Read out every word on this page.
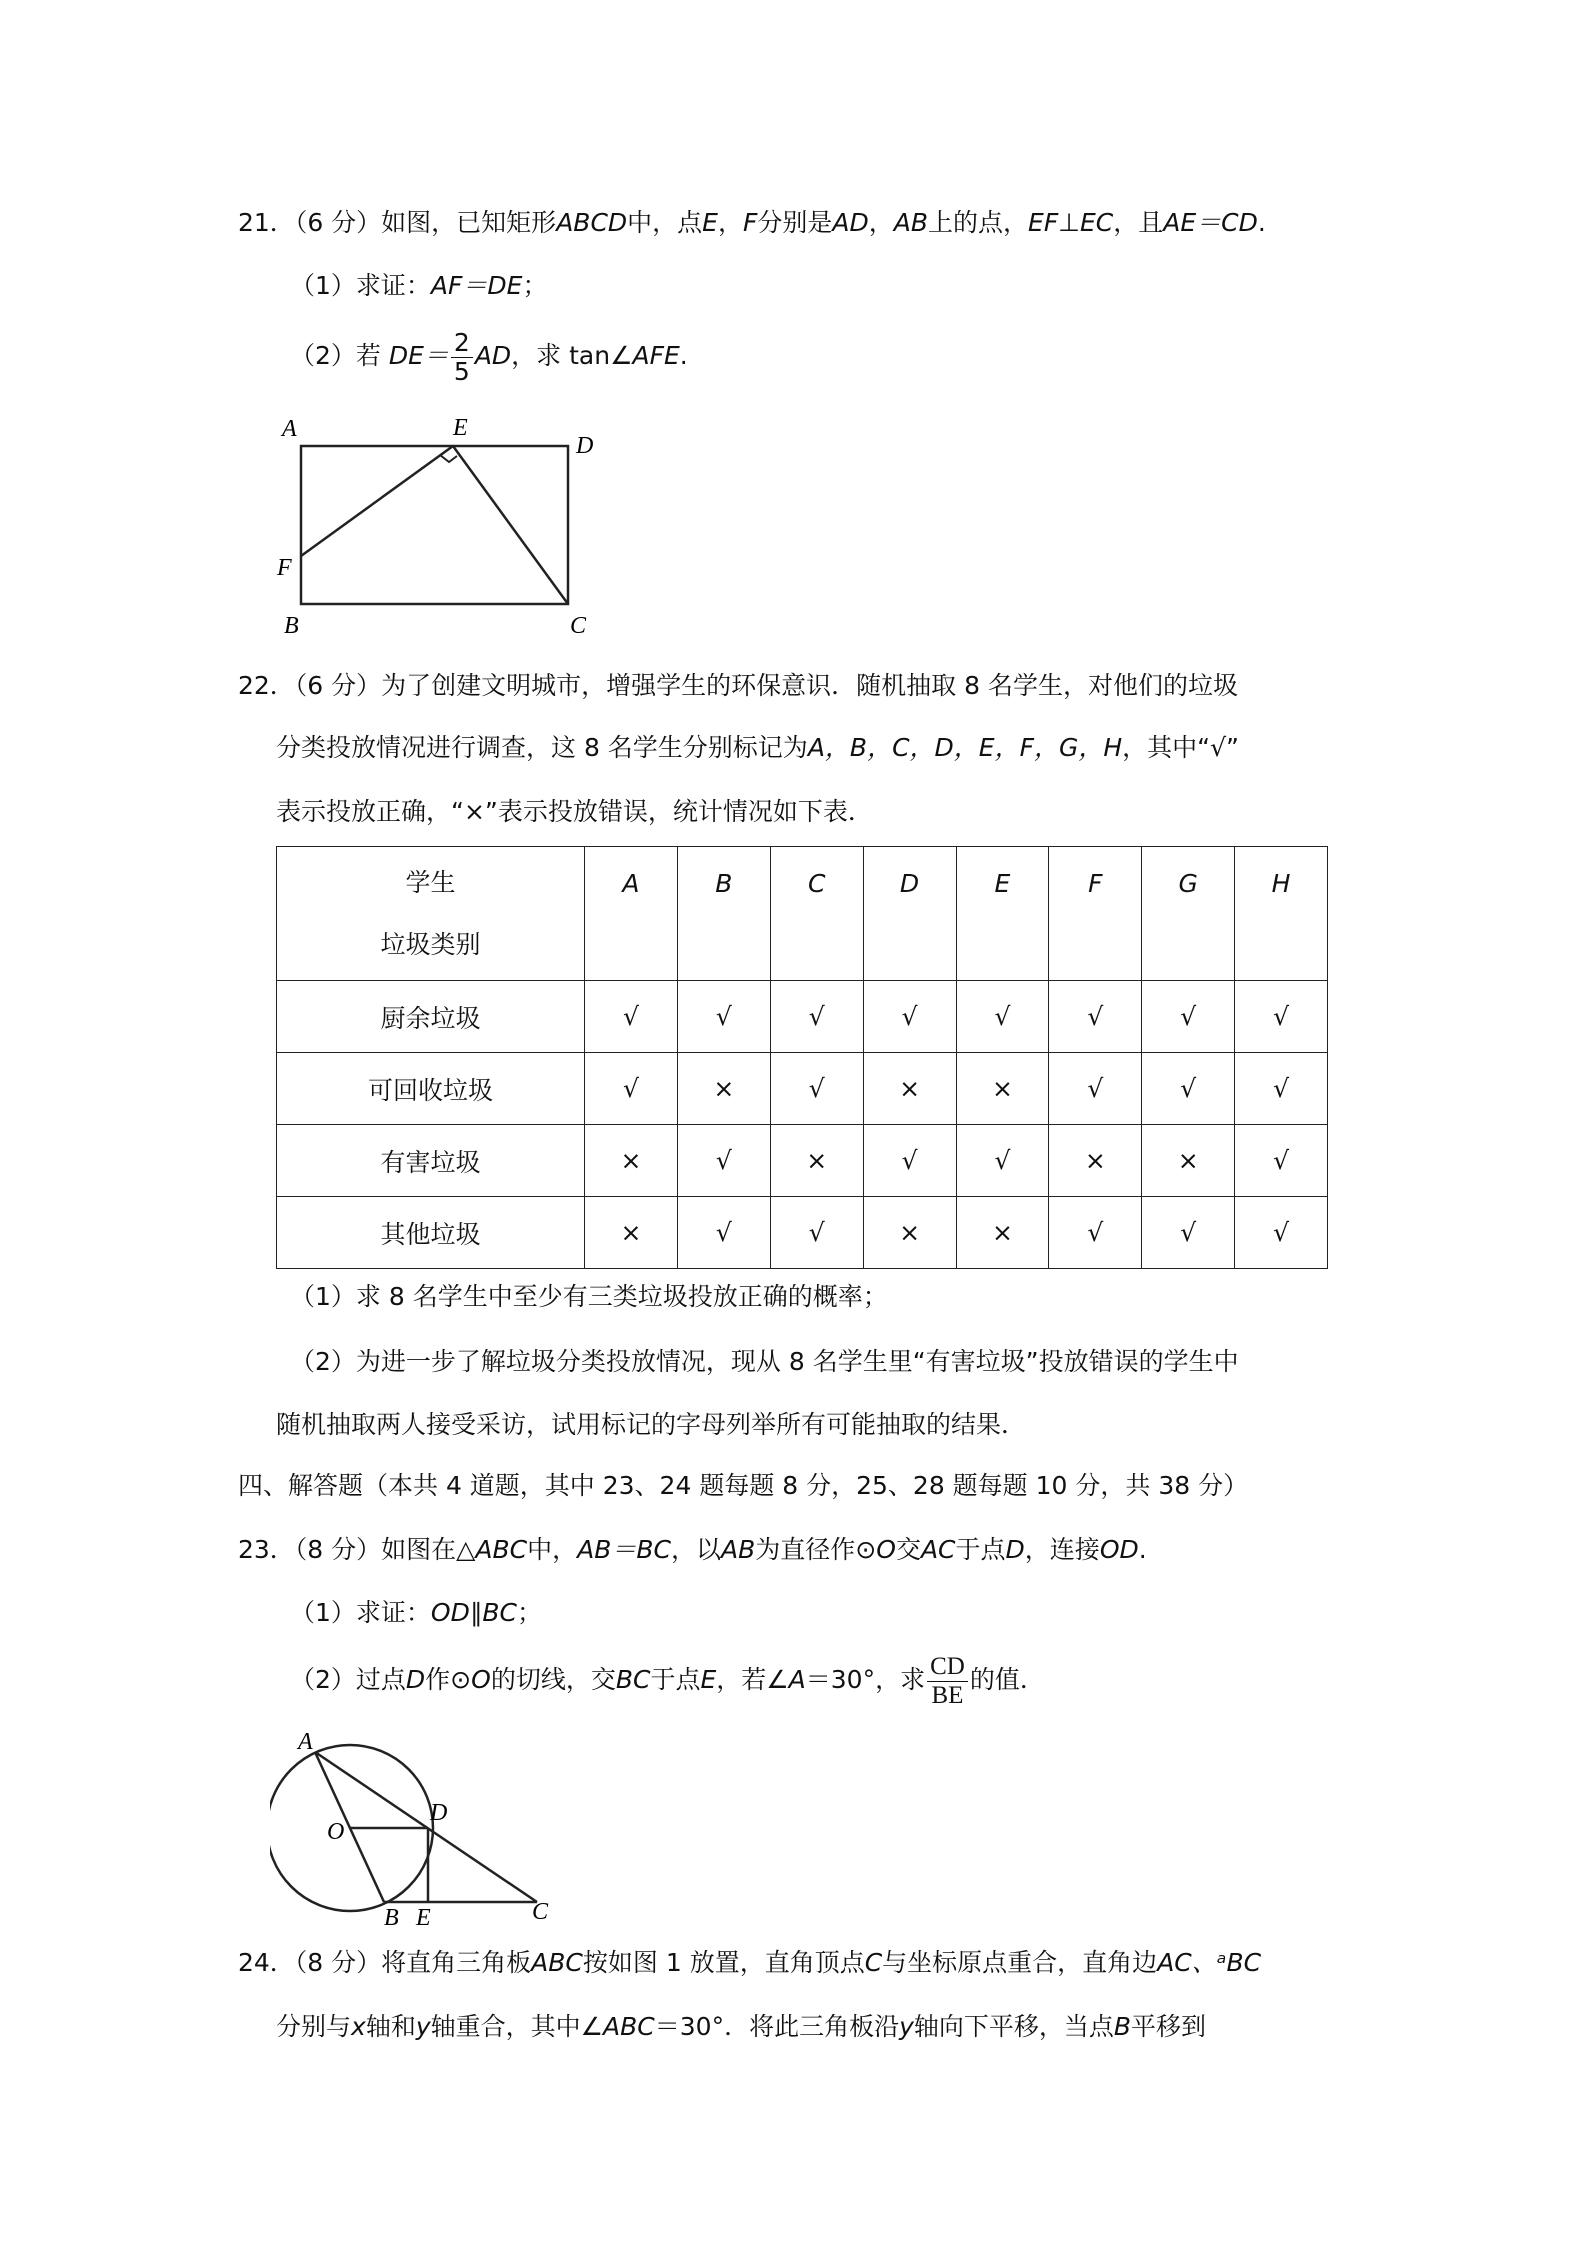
21．（6 分）如图，已知矩形ABCD中，点E，F分别是AD，AB上的点，EF⊥EC，且AE＝CD.
（1）求证：AF＝DE；
（2）若 $DE= \frac{2}{5}$ AD，求 tan∠AFE.
A	E
D
F
B	C
22．（6 分）为了创建文明城市，增强学生的环保意识．随机抽取 8 名学生，对他们的垃圾
分类投放情况进行调查，这 8 名学生分别标记为A，B，C，D，E，F，G，H，其中“√”
表示投放正确，“×”表示投放错误，统计情况如下表．
学生
垃圾类别	A	B	C	D	E	F	G	H
厨余垃圾	√	√	√	√	√	√	√	√
可回收垃圾	√	×	√	×	×	√	√	√
有害垃圾	×	√	×	√	√	×	×	√
其他垃圾	×	√	√	×	×	√	√	√
（1）求 8 名学生中至少有三类垃圾投放正确的概率；
（2）为进一步了解垃圾分类投放情况，现从 8 名学生里“有害垃圾”投放错误的学生中
随机抽取两人接受采访，试用标记的字母列举所有可能抽取的结果．
四、解答题（本共 4 道题，其中 23、24 题每题 8 分，25、28 题每题 10 分，共 38 分）
23．（8 分）如图在△ABC中，AB＝BC，以AB为直径作⊙O交AC于点D，连接OD.
（1）求证：OD∥BC；
（2）过点D作⊙O的切线，交BC于点E，若∠A＝30°，求 $\frac{CD}{BE}$ 的值．
A
D
O
B E	C
24．（8 分）将直角三角板ABC按如图 1 放置，直角顶点C与坐标原点重合，直角边AC、ᵃBC
分别与x轴和y轴重合，其中∠ABC＝30°．将此三角板沿y轴向下平移，当点B平移到
